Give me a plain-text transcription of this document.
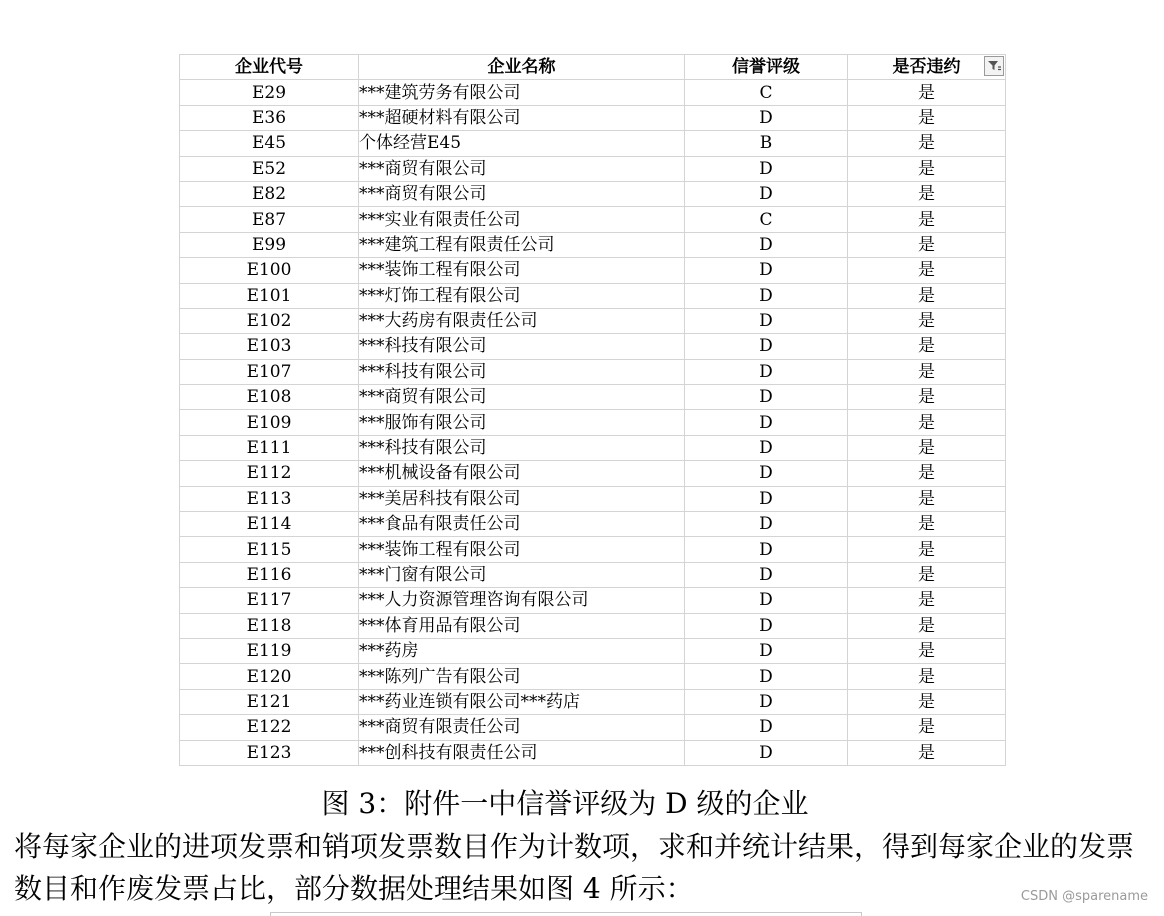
企业代号	企业名称	信誉评级	是否违约

E29	***建筑劳务有限公司	C	是
E36	***超硬材料有限公司	D	是
E45	个体经营E45	B	是
E52	***商贸有限公司	D	是
E82	***商贸有限公司	D	是
E87	***实业有限责任公司	C	是
E99	***建筑工程有限责任公司	D	是
E100	***装饰工程有限公司	D	是
E101	***灯饰工程有限公司	D	是
E102	***大药房有限责任公司	D	是
E103	***科技有限公司	D	是
E107	***科技有限公司	D	是
E108	***商贸有限公司	D	是
E109	***服饰有限公司	D	是
E111	***科技有限公司	D	是
E112	***机械设备有限公司	D	是
E113	***美居科技有限公司	D	是
E114	***食品有限责任公司	D	是
E115	***装饰工程有限公司	D	是
E116	***门窗有限公司	D	是
E117	***人力资源管理咨询有限公司	D	是
E118	***体育用品有限公司	D	是
E119	***药房	D	是
E120	***陈列广告有限公司	D	是
E121	***药业连锁有限公司***药店	D	是
E122	***商贸有限责任公司	D	是
E123	***创科技有限责任公司	D	是
图 3：附件一中信誉评级为 D 级的企业

将每家企业的进项发票和销项发票数目作为计数项，求和并统计结果，得到每家企业的发票数目和作废发票占比，部分数据处理结果如图 4 所示：	CSDN @sparename
